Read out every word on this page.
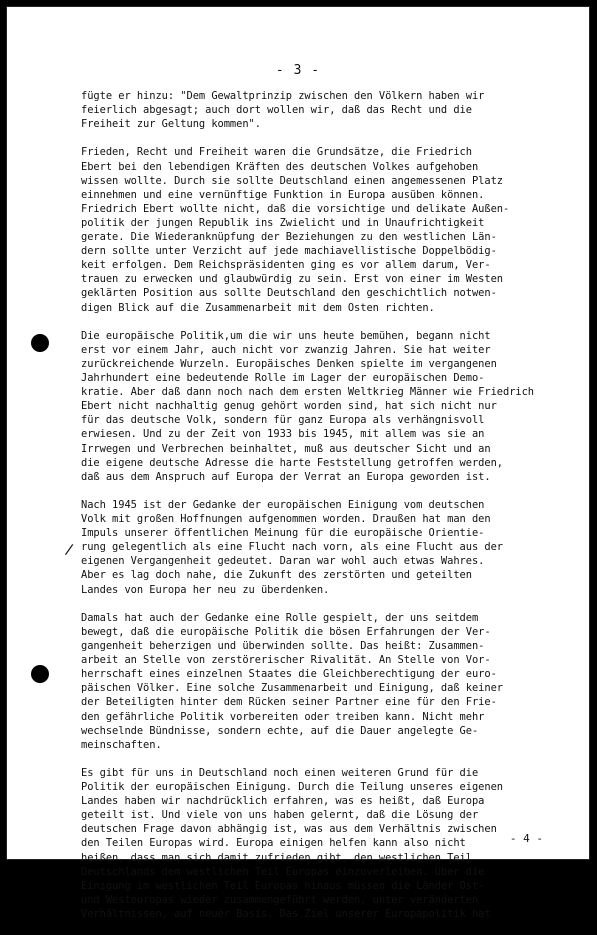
- 3 -
/

fügte er hinzu: "Dem Gewaltprinzip zwischen den Völkern haben wir
feierlich abgesagt; auch dort wollen wir, daß das Recht und die
Freiheit zur Geltung kommen".

Frieden, Recht und Freiheit waren die Grundsätze, die Friedrich
Ebert bei den lebendigen Kräften des deutschen Volkes aufgehoben
wissen wollte. Durch sie sollte Deutschland einen angemessenen Platz
einnehmen und eine vernünftige Funktion in Europa ausüben können.
Friedrich Ebert wollte nicht, daß die vorsichtige und delikate Außen-
politik der jungen Republik ins Zwielicht und in Unaufrichtigkeit
gerate. Die Wiederanknüpfung der Beziehungen zu den westlichen Län-
dern sollte unter Verzicht auf jede machiavellistische Doppelbödig-
keit erfolgen. Dem Reichspräsidenten ging es vor allem darum, Ver-
trauen zu erwecken und glaubwürdig zu sein. Erst von einer im Westen
geklärten Position aus sollte Deutschland den geschichtlich notwen-
digen Blick auf die Zusammenarbeit mit dem Osten richten.

Die europäische Politik,um die wir uns heute bemühen, begann nicht
erst vor einem Jahr, auch nicht vor zwanzig Jahren. Sie hat weiter
zurückreichende Wurzeln. Europäisches Denken spielte im vergangenen
Jahrhundert eine bedeutende Rolle im Lager der europäischen Demo-
kratie. Aber daß dann noch nach dem ersten Weltkrieg Männer wie Friedrich
Ebert nicht nachhaltig genug gehört worden sind, hat sich nicht nur
für das deutsche Volk, sondern für ganz Europa als verhängnisvoll
erwiesen. Und zu der Zeit von 1933 bis 1945, mit allem was sie an
Irrwegen und Verbrechen beinhaltet, muß aus deutscher Sicht und an
die eigene deutsche Adresse die harte Feststellung getroffen werden,
daß aus dem Anspruch auf Europa der Verrat an Europa geworden ist.

Nach 1945 ist der Gedanke der europäischen Einigung vom deutschen
Volk mit großen Hoffnungen aufgenommen worden. Draußen hat man den
Impuls unserer öffentlichen Meinung für die europäische Orientie-
rung gelegentlich als eine Flucht nach vorn, als eine Flucht aus der
eigenen Vergangenheit gedeutet. Daran war wohl auch etwas Wahres.
Aber es lag doch nahe, die Zukunft des zerstörten und geteilten
Landes von Europa her neu zu überdenken.

Damals hat auch der Gedanke eine Rolle gespielt, der uns seitdem
bewegt, daß die europäische Politik die bösen Erfahrungen der Ver-
gangenheit beherzigen und überwinden sollte. Das heißt: Zusammen-
arbeit an Stelle von zerstörerischer Rivalität. An Stelle von Vor-
herrschaft eines einzelnen Staates die Gleichberechtigung der euro-
päischen Völker. Eine solche Zusammenarbeit und Einigung, daß keiner
der Beteiligten hinter dem Rücken seiner Partner eine für den Frie-
den gefährliche Politik vorbereiten oder treiben kann. Nicht mehr
wechselnde Bündnisse, sondern echte, auf die Dauer angelegte Ge-
meinschaften.

Es gibt für uns in Deutschland noch einen weiteren Grund für die
Politik der europäischen Einigung. Durch die Teilung unseres eigenen
Landes haben wir nachdrücklich erfahren, was es heißt, daß Europa
geteilt ist. Und viele von uns haben gelernt, daß die Lösung der
deutschen Frage davon abhängig ist, was aus dem Verhältnis zwischen
den Teilen Europas wird. Europa einigen helfen kann also nicht
heißen, dass man sich damit zufrieden gibt, den westlichen Teil
Deutschlands dem westlichen Teil Europas einzuverleiben. Über die
Einigung im westlichen Teil Europas hinaus müssen die Länder Ost-
und Westeuropas wieder zusammengeführt werden, unter veränderten
Verhältnissen, auf neuer Basis. Das Ziel unserer Europapolitik hat

- 4 -
